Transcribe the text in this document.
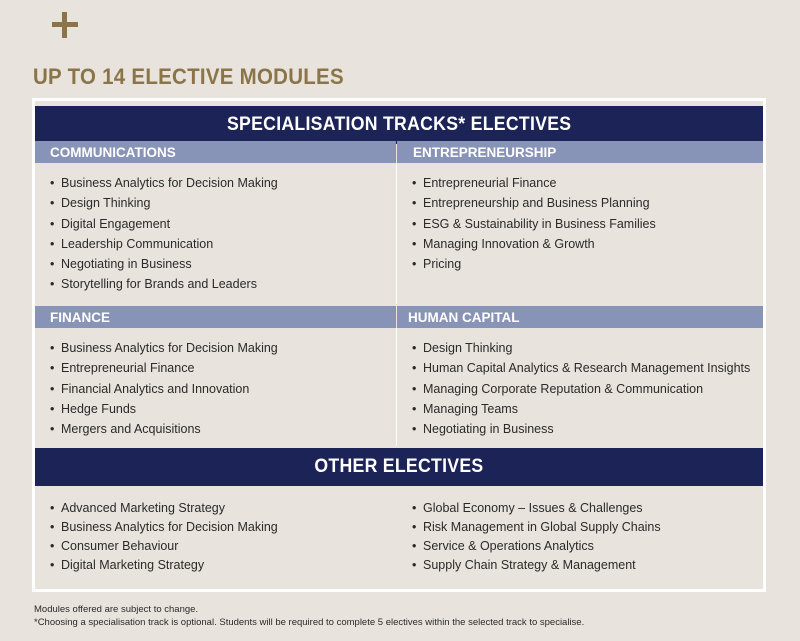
UP TO 14 ELECTIVE MODULES
SPECIALISATION TRACKS* ELECTIVES
COMMUNICATIONS	ENTREPRENEURSHIP
• Business Analytics for Decision Making
• Design Thinking
• Digital Engagement
• Leadership Communication
• Negotiating in Business
• Storytelling for Brands and Leaders
• Entrepreneurial Finance
• Entrepreneurship and Business Planning
• ESG & Sustainability in Business Families
• Managing Innovation & Growth
• Pricing
FINANCE	HUMAN CAPITAL
• Business Analytics for Decision Making
• Entrepreneurial Finance
• Financial Analytics and Innovation
• Hedge Funds
• Mergers and Acquisitions
• Design Thinking
• Human Capital Analytics & Research Management Insights
• Managing Corporate Reputation & Communication
• Managing Teams
• Negotiating in Business
OTHER ELECTIVES
• Advanced Marketing Strategy
• Business Analytics for Decision Making
• Consumer Behaviour
• Digital Marketing Strategy
• Global Economy – Issues & Challenges
• Risk Management in Global Supply Chains
• Service & Operations Analytics
• Supply Chain Strategy & Management
Modules offered are subject to change.
*Choosing a specialisation track is optional. Students will be required to complete 5 electives within the selected track to specialise.
